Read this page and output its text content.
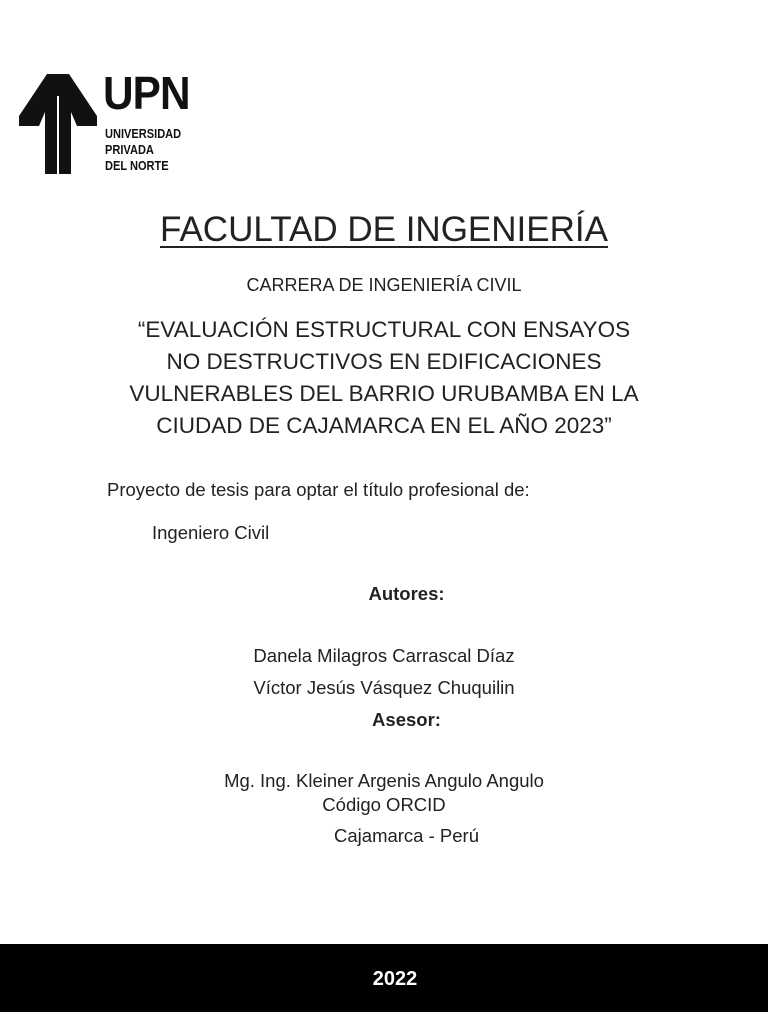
UPN
UNIVERSIDAD
PRIVADA
DEL NORTE
FACULTAD DE INGENIERÍA
CARRERA DE INGENIERÍA CIVIL
“EVALUACIÓN ESTRUCTURAL CON ENSAYOS
NO DESTRUCTIVOS EN EDIFICACIONES
VULNERABLES DEL BARRIO URUBAMBA EN LA
CIUDAD DE CAJAMARCA EN EL AÑO 2023”
Proyecto de tesis para optar el título profesional de:
Ingeniero Civil
Autores:
Danela Milagros Carrascal Díaz
Víctor Jesús Vásquez Chuquilin
Asesor:
Mg. Ing. Kleiner Argenis Angulo Angulo
Código ORCID
Cajamarca - Perú
2022
